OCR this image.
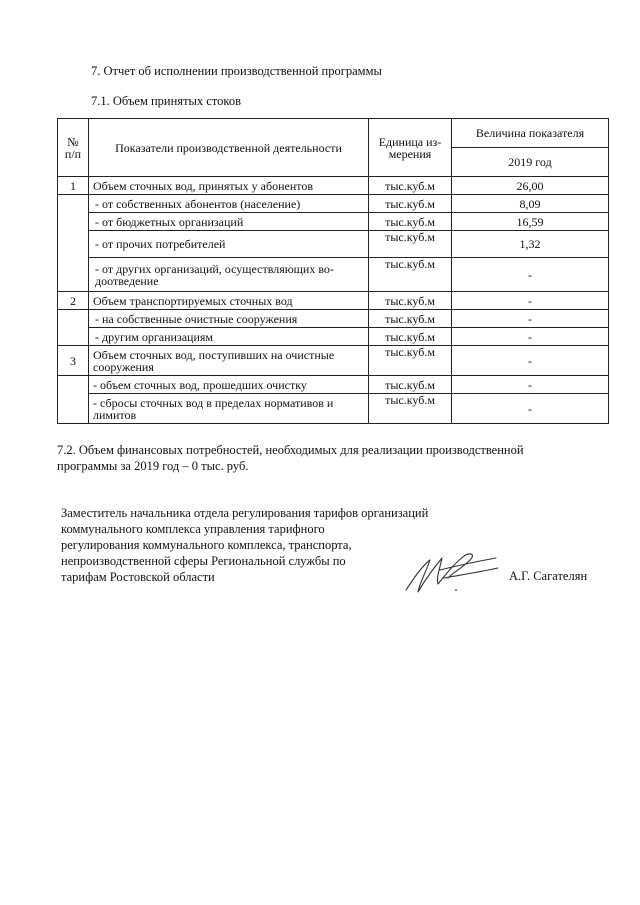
7. Отчет об исполнении производственной программы
7.1. Объем принятых стоков
№ п/п	Показатели производственной деятельности	Единица из-мерения	Величина показателя
			2019 год
1	Объем сточных вод, принятых у абонентов	тыс.куб.м	26,00
	- от собственных абонентов (население)	тыс.куб.м	8,09
	- от бюджетных организаций	тыс.куб.м	16,59
	- от прочих потребителей	тыс.куб.м	1,32
	- от других организаций, осуществляющих во-доотведение	тыс.куб.м	-
2	Объем транспортируемых сточных вод	тыс.куб.м	-
	- на собственные очистные сооружения	тыс.куб.м	-
	- другим организациям	тыс.куб.м	-
3	Объем сточных вод, поступивших на очистные сооружения	тыс.куб.м	-
	- объем сточных вод, прошедших очистку	тыс.куб.м	-
	- сбросы сточных вод в пределах нормативов и лимитов	тыс.куб.м	-
7.2. Объем финансовых потребностей, необходимых для реализации производственной программы за 2019 год – 0 тыс. руб.
Заместитель начальника отдела регулирования тарифов организаций
коммунального комплекса управления тарифного
регулирования коммунального комплекса, транспорта,
непроизводственной сферы Региональной службы по
тарифам Ростовской области	А.Г. Сагателян
